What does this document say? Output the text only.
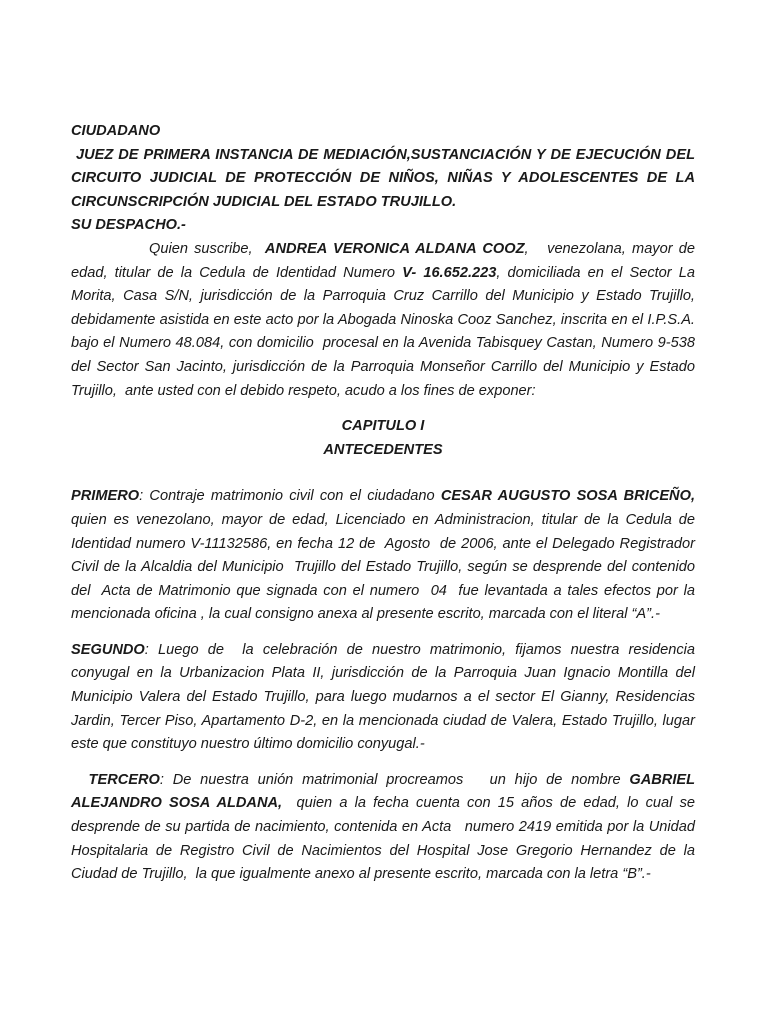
CIUDADANO

JUEZ DE PRIMERA INSTANCIA DE MEDIACIÓN,SUSTANCIACIÓN Y DE EJECUCIÓN DEL CIRCUITO JUDICIAL DE PROTECCIÓN DE NIÑOS, NIÑAS Y ADOLESCENTES DE LA CIRCUNSCRIPCIÓN JUDICIAL DEL ESTADO TRUJILLO.

SU DESPACHO.-

Quien suscribe,  ANDREA VERONICA ALDANA COOZ,   venezolana, mayor de edad, titular de la Cedula de Identidad Numero V- 16.652.223, domiciliada en el Sector La Morita, Casa S/N, jurisdicción de la Parroquia Cruz Carrillo del Municipio y Estado Trujillo, debidamente asistida en este acto por la Abogada Ninoska Cooz Sanchez, inscrita en el I.P.S.A. bajo el Numero 48.084, con domicilio  procesal en la Avenida Tabisquey Castan, Numero 9-538 del Sector San Jacinto, jurisdicción de la Parroquia Monseñor Carrillo del Municipio y Estado Trujillo,  ante usted con el debido respeto, acudo a los fines de exponer:

CAPITULO I

ANTECEDENTES

PRIMERO: Contraje matrimonio civil con el ciudadano CESAR AUGUSTO SOSA BRICEÑO, quien es venezolano, mayor de edad, Licenciado en Administracion, titular de la Cedula de Identidad numero V-11132586, en fecha 12 de  Agosto  de 2006, ante el Delegado Registrador Civil de la Alcaldia del Municipio  Trujillo del Estado Trujillo, según se desprende del contenido del  Acta de Matrimonio que signada con el numero  04  fue levantada a tales efectos por la mencionada oficina , la cual consigno anexa al presente escrito, marcada con el literal “A”.-

SEGUNDO: Luego de  la celebración de nuestro matrimonio, fijamos nuestra residencia conyugal en la Urbanizacion Plata II, jurisdicción de la Parroquia Juan Ignacio Montilla del Municipio Valera del Estado Trujillo, para luego mudarnos a el sector El Gianny, Residencias Jardin, Tercer Piso, Apartamento D-2, en la mencionada ciudad de Valera, Estado Trujillo, lugar este que constituyo nuestro último domicilio conyugal.-

TERCERO: De nuestra unión matrimonial procreamos   un hijo de nombre GABRIEL ALEJANDRO SOSA ALDANA,  quien a la fecha cuenta con 15 años de edad, lo cual se desprende de su partida de nacimiento, contenida en Acta   numero 2419 emitida por la Unidad Hospitalaria de Registro Civil de Nacimientos del Hospital Jose Gregorio Hernandez de la Ciudad de Trujillo,  la que igualmente anexo al presente escrito, marcada con la letra “B”.-
